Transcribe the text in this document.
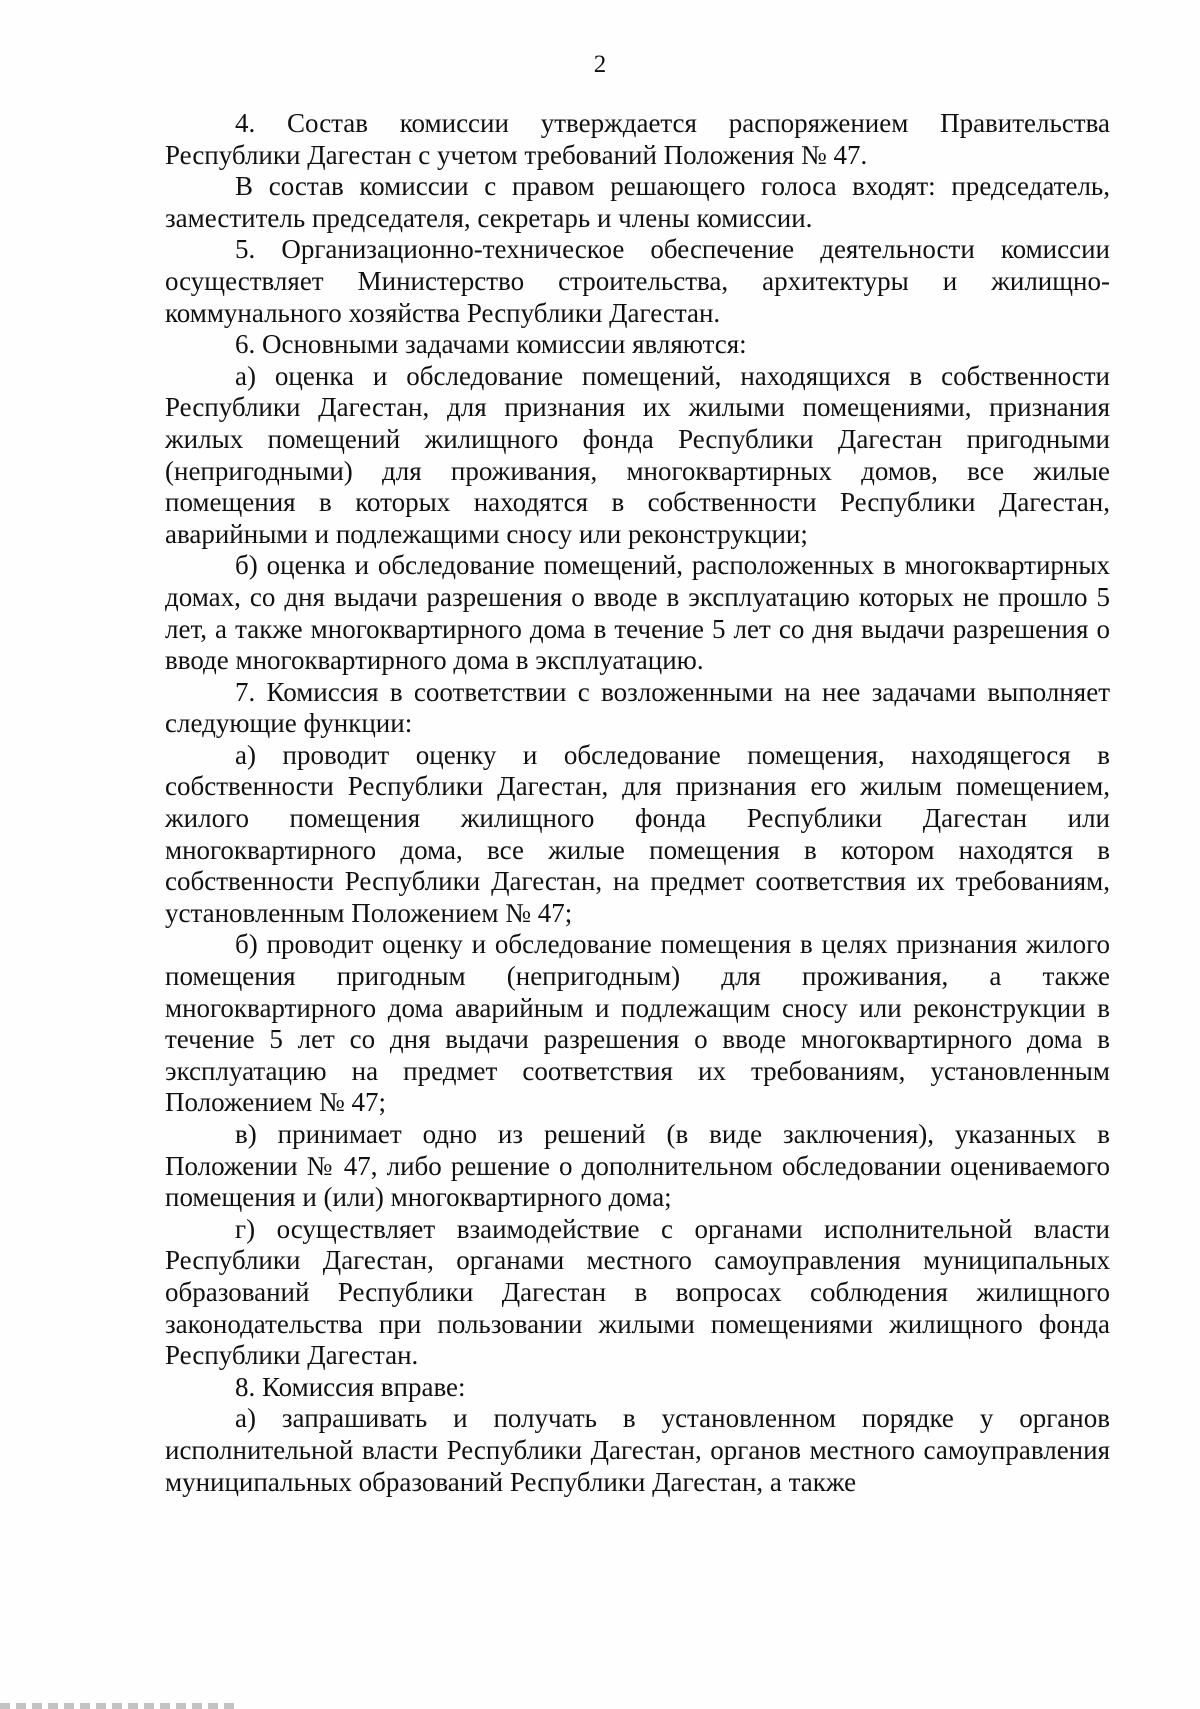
2

4. Состав комиссии утверждается распоряжением Правительства Республики Дагестан с учетом требований Положения № 47.

В состав комиссии с правом решающего голоса входят: председатель, заместитель председателя, секретарь и члены комиссии.

5. Организационно-техническое обеспечение деятельности комиссии осуществляет Министерство строительства, архитектуры и жилищно-коммунального хозяйства Республики Дагестан.

6. Основными задачами комиссии являются:

а) оценка и обследование помещений, находящихся в собственности Республики Дагестан, для признания их жилыми помещениями, признания жилых помещений жилищного фонда Республики Дагестан пригодными (непригодными) для проживания, многоквартирных домов, все жилые помещения в которых находятся в собственности Республики Дагестан, аварийными и подлежащими сносу или реконструкции;

б) оценка и обследование помещений, расположенных в многоквартирных домах, со дня выдачи разрешения о вводе в эксплуатацию которых не прошло 5 лет, а также многоквартирного дома в течение 5 лет со дня выдачи разрешения о вводе многоквартирного дома в эксплуатацию.

7. Комиссия в соответствии с возложенными на нее задачами выполняет следующие функции:

а) проводит оценку и обследование помещения, находящегося в собственности Республики Дагестан, для признания его жилым помещением, жилого помещения жилищного фонда Республики Дагестан или многоквартирного дома, все жилые помещения в котором находятся в собственности Республики Дагестан, на предмет соответствия их требованиям, установленным Положением № 47;

б) проводит оценку и обследование помещения в целях признания жилого помещения пригодным (непригодным) для проживания, а также многоквартирного дома аварийным и подлежащим сносу или реконструкции в течение 5 лет со дня выдачи разрешения о вводе многоквартирного дома в эксплуатацию на предмет соответствия их требованиям, установленным Положением № 47;

в) принимает одно из решений (в виде заключения), указанных в Положении № 47, либо решение о дополнительном обследовании оцениваемого помещения и (или) многоквартирного дома;

г) осуществляет взаимодействие с органами исполнительной власти Республики Дагестан, органами местного самоуправления муниципальных образований Республики Дагестан в вопросах соблюдения жилищного законодательства при пользовании жилыми помещениями жилищного фонда Республики Дагестан.

8. Комиссия вправе:

а) запрашивать и получать в установленном порядке у органов исполнительной власти Республики Дагестан, органов местного самоуправления муниципальных образований Республики Дагестан, а также
